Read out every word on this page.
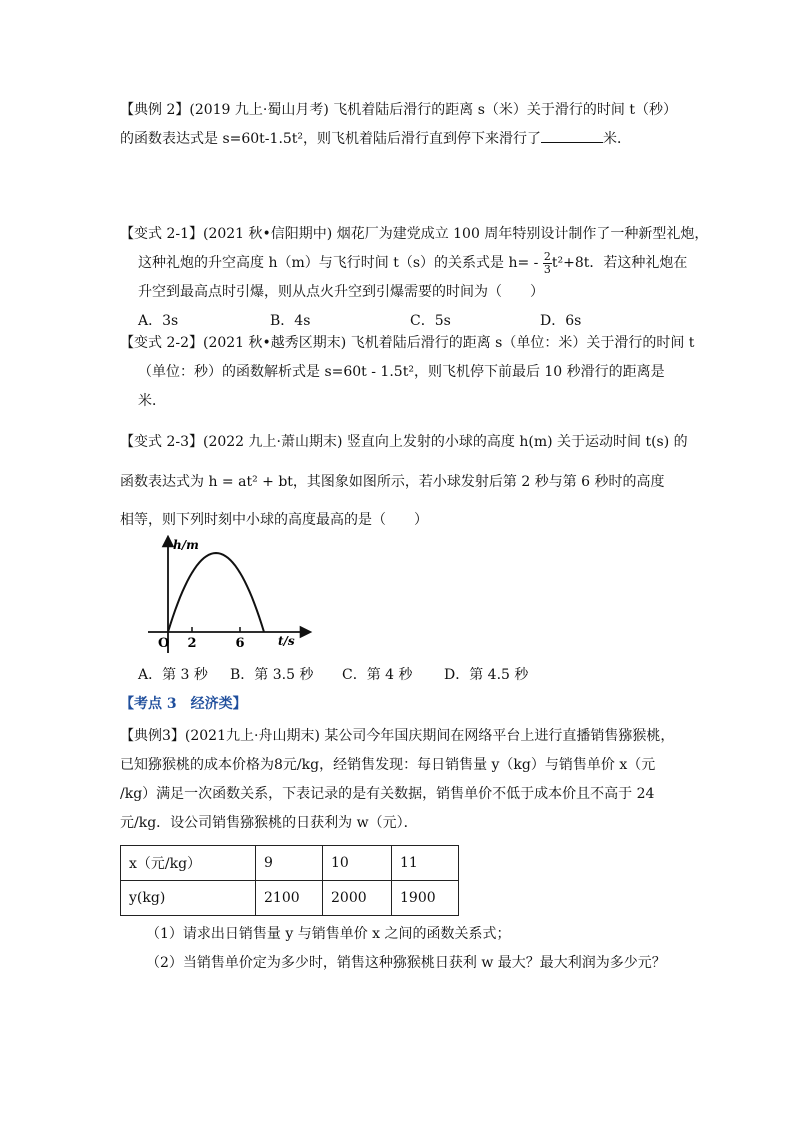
【典例 2】(2019 九上·蜀山月考) 飞机着陆后滑行的距离 s（米）关于滑行的时间 t（秒）
的函数表达式是 s=60t-1.5t²，则飞机着陆后滑行直到停下来滑行了	米．
【变式 2-1】(2021 秋•信阳期中) 烟花厂为建党成立 100 周年特别设计制作了一种新型礼炮，
这种礼炮的升空高度 h（m）与飞行时间 t（s）的关系式是 $h= - \frac{2}{3} t^2+8t$．若这种礼炮在
升空到最高点时引爆，则从点火升空到引爆需要的时间为（　　）
A．3s	B．4s	C．5s	D．6s
【变式 2-2】(2021 秋•越秀区期末) 飞机着陆后滑行的距离 s（单位：米）关于滑行的时间 t
（单位：秒）的函数解析式是 s=60t - 1.5t²，则飞机停下前最后 10 秒滑行的距离是
米．
【变式 2-3】(2022 九上·萧山期末) 竖直向上发射的小球的高度 h(m) 关于运动时间 t(s) 的
函数表达式为 h = at² + bt，其图象如图所示，若小球发射后第 2 秒与第 6 秒时的高度
相等，则下列时刻中小球的高度最高的是（　　）
O 2	6	t/s
h/m
A．第 3 秒	B．第 3.5 秒	C．第 4 秒	D．第 4.5 秒
【考点 3　经济类】
【典例3】(2021九上·舟山期末) 某公司今年国庆期间在网络平台上进行直播销售猕猴桃，
已知猕猴桃的成本价格为8元/kg，经销售发现：每日销售量 y（kg）与销售单价 x（元
/kg）满足一次函数关系，下表记录的是有关数据，销售单价不低于成本价且不高于 24
元/kg．设公司销售猕猴桃的日获利为 w（元）．
x（元/kg）	9	10	11
y(kg)	2100	2000	1900
（1）请求出日销售量 y 与销售单价 x 之间的函数关系式；
（2）当销售单价定为多少时，销售这种猕猴桃日获利 w 最大？最大利润为多少元？
